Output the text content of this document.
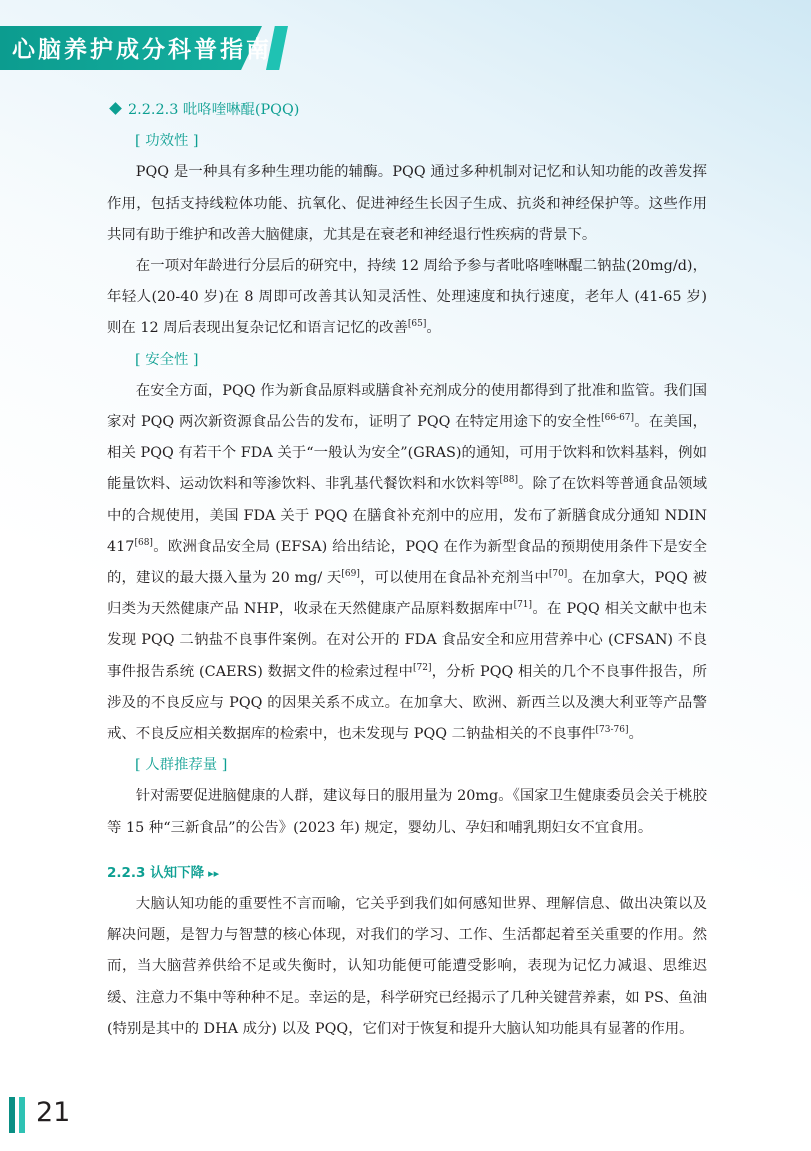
心脑养护成分科普指南
2.2.2.3 吡咯喹啉醌(PQQ)
[ 功效性 ]

PQQ 是一种具有多种生理功能的辅酶。PQQ 通过多种机制对记忆和认知功能的改善发挥作用，包括支持线粒体功能、抗氧化、促进神经生长因子生成、抗炎和神经保护等。这些作用共同有助于维护和改善大脑健康，尤其是在衰老和神经退行性疾病的背景下。

在一项对年龄进行分层后的研究中，持续 12 周给予参与者吡咯喹啉醌二钠盐(20mg/d)，年轻人(20-40 岁)在 8 周即可改善其认知灵活性、处理速度和执行速度，老年人 (41-65 岁) 则在 12 周后表现出复杂记忆和语言记忆的改善[65]。

[ 安全性 ]

在安全方面，PQQ 作为新食品原料或膳食补充剂成分的使用都得到了批准和监管。我们国家对 PQQ 两次新资源食品公告的发布，证明了 PQQ 在特定用途下的安全性[66-67]。在美国，相关 PQQ 有若干个 FDA 关于“一般认为安全”(GRAS)的通知，可用于饮料和饮料基料，例如能量饮料、运动饮料和等渗饮料、非乳基代餐饮料和水饮料等[88]。除了在饮料等普通食品领域中的合规使用，美国 FDA 关于 PQQ 在膳食补充剂中的应用，发布了新膳食成分通知 NDIN 417[68]。欧洲食品安全局 (EFSA) 给出结论，PQQ 在作为新型食品的预期使用条件下是安全的，建议的最大摄入量为 20 mg/ 天[69]，可以使用在食品补充剂当中[70]。在加拿大，PQQ 被归类为天然健康产品 NHP，收录在天然健康产品原料数据库中[71]。在 PQQ 相关文献中也未发现 PQQ 二钠盐不良事件案例。在对公开的 FDA 食品安全和应用营养中心 (CFSAN) 不良事件报告系统 (CAERS) 数据文件的检索过程中[72]，分析 PQQ 相关的几个不良事件报告，所涉及的不良反应与 PQQ 的因果关系不成立。在加拿大、欧洲、新西兰以及澳大利亚等产品警戒、不良反应相关数据库的检索中，也未发现与 PQQ 二钠盐相关的不良事件[73-76]。

[ 人群推荐量 ]

针对需要促进脑健康的人群，建议每日的服用量为 20mg。《国家卫生健康委员会关于桃胶等 15 种“三新食品”的公告》(2023 年) 规定，婴幼儿、孕妇和哺乳期妇女不宜食用。

2.2.3 认知下降 ▸▸

大脑认知功能的重要性不言而喻，它关乎到我们如何感知世界、理解信息、做出决策以及解决问题，是智力与智慧的核心体现，对我们的学习、工作、生活都起着至关重要的作用。然而，当大脑营养供给不足或失衡时，认知功能便可能遭受影响，表现为记忆力减退、思维迟缓、注意力不集中等种种不足。幸运的是，科学研究已经揭示了几种关键营养素，如 PS、鱼油 (特别是其中的 DHA 成分) 以及 PQQ，它们对于恢复和提升大脑认知功能具有显著的作用。

21
